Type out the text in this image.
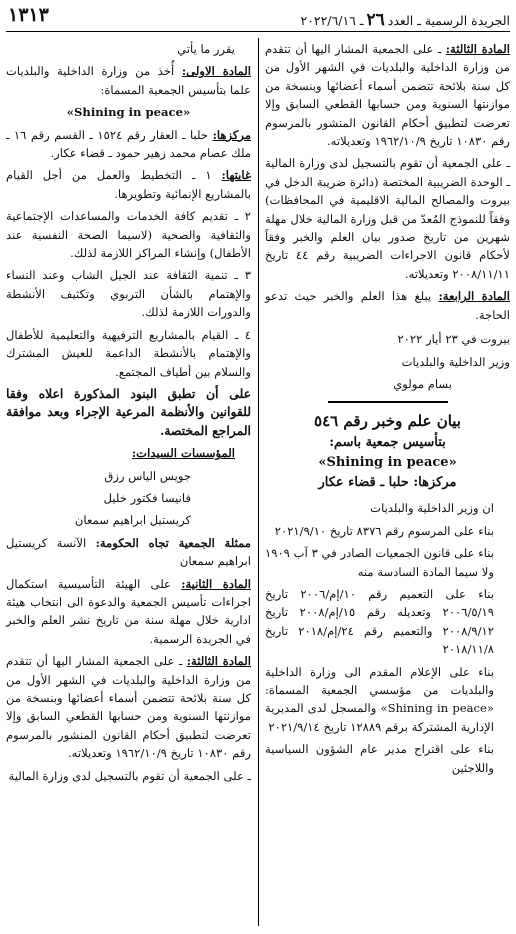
الجريدة الرسمية ـ العدد٢٦ـ ٢٠٢٢/٦/١٦
١٣١٣

المادة الثالثة: ـ على الجمعية المشار اليها أن تتقدم من وزارة الداخلية والبلديات في الشهر الأول من كل سنة بلائحة تتضمن أسماء أعضائها وبنسخة من موازنتها السنوية ومن حسابها القطعي السابق وإلا تعرضت لتطبيق أحكام القانون المنشور بالمرسوم رقم ١٠٨٣٠ تاريخ ١٩٦٢/١٠/٩ وتعديلاته.

ـ على الجمعية أن تقوم بالتسجيل لدى وزارة المالية ـ الوحدة الضريبية المختصة (دائرة ضريبة الدخل في بيروت والمصالح المالية الاقليمية في المحافظات) وفقاً للنموذج المُعدّ من قبل وزارة المالية خلال مهلة شهرين من تاريخ صدور بيان العلم والخبر وفقاً لأحكام قانون الاجراءات الضريبية رقم ٤٤ تاريخ ٢٠٠٨/١١/١١ وتعديلاته.

المادة الرابعة: يبلغ هذا العلم والخبر حيث تدعو الحاجة.

بيروت في ٢٣ أيار ٢٠٢٢

وزير الداخلية والبلديات

بسام مولوي

بيان علم وخبر رقم ٥٤٦
بتأسيس جمعية باسم:
«Shining in peace»
مركزها: حلبا ـ قضاء عكار

ان وزير الداخلية والبلديات

بناء على المرسوم رقم ٨٣٧٦ تاريخ ٢٠٢١/٩/١٠

بناء على قانون الجمعيات الصادر في ٣ آب ١٩٠٩ ولا سيما المادة السادسة منه

بناء على التعميم رقم ١٠/إم/٢٠٠٦ تاريخ ٢٠٠٦/٥/١٩ وتعديله رقم ١٥/إم/٢٠٠٨ تاريخ ٢٠٠٨/٩/١٢ والتعميم رقم ٢٤/إم/٢٠١٨ تاريخ ٢٠١٨/١١/٨

بناء على الإعلام المقدم الى وزارة الداخلية والبلديات من مؤسسي الجمعية المسماة: «Shining in peace» والمسجل لدى المديرية الإدارية المشتركة برقم ١٢٨٨٩ تاريخ ٢٠٢١/٩/١٤

بناء على اقتراح مدير عام الشؤون السياسية واللاجئين

يقرر ما يأتي

المادة الاولى: أُخذ من وزارة الداخلية والبلديات علما بتأسيس الجمعية المسماة:

«Shining in peace»

مركزها: حلبا ـ العقار رقم ١٥٢٤ ـ القسم رقم ١٦ ـ ملك عصام محمد زهير حمود ـ قضاء عكار.

غايتها: ١ ـ التخطيط والعمل من أجل القيام بالمشاريع الإنمائية وتطويرها.

٢ ـ تقديم كافة الخدمات والمساعدات الإجتماعية والثقافية والصحية (لاسيما الصحة النفسية عند الأطفال) وإنشاء المراكز اللازمة لذلك.

٣ ـ تنمية الثقافة عند الجيل الشاب وعند النساء والإهتمام بالشأن التربوي وتكثيف الأنشطة والدورات اللازمة لذلك.

٤ ـ القيام بالمشاريع الترفيهية والتعليمية للأطفال والإهتمام بالأنشطة الداعمة للعيش المشترك والسلام بين أطياف المجتمع.

على أن تطبق البنود المذكورة اعلاه وفقا للقوانين والأنظمة المرعية الإجراء وبعد موافقة المراجع المختصة.

المؤسسات السيدات:

جويس الياس رزق

فانيسا فكتور خليل

كريستيل ابراهيم سمعان

ممثلة الجمعية تجاه الحكومة: الآنسة كريستيل ابراهيم سمعان

المادة الثانية: على الهيئة التأسيسية استكمال اجراءات تأسيس الجمعية والدعوة الى انتخاب هيئة ادارية خلال مهلة سنة من تاريخ نشر العلم والخبر في الجريدة الرسمية.

المادة الثالثة: ـ على الجمعية المشار اليها أن تتقدم من وزارة الداخلية والبلديات في الشهر الأول من كل سنة بلائحة تتضمن أسماء أعضائها وبنسخة من موازنتها السنوية ومن حسابها القطعي السابق وإلا تعرضت لتطبيق أحكام القانون المنشور بالمرسوم رقم ١٠٨٣٠ تاريخ ١٩٦٢/١٠/٩ وتعديلاته.

ـ على الجمعية أن تقوم بالتسجيل لدى وزارة المالية
